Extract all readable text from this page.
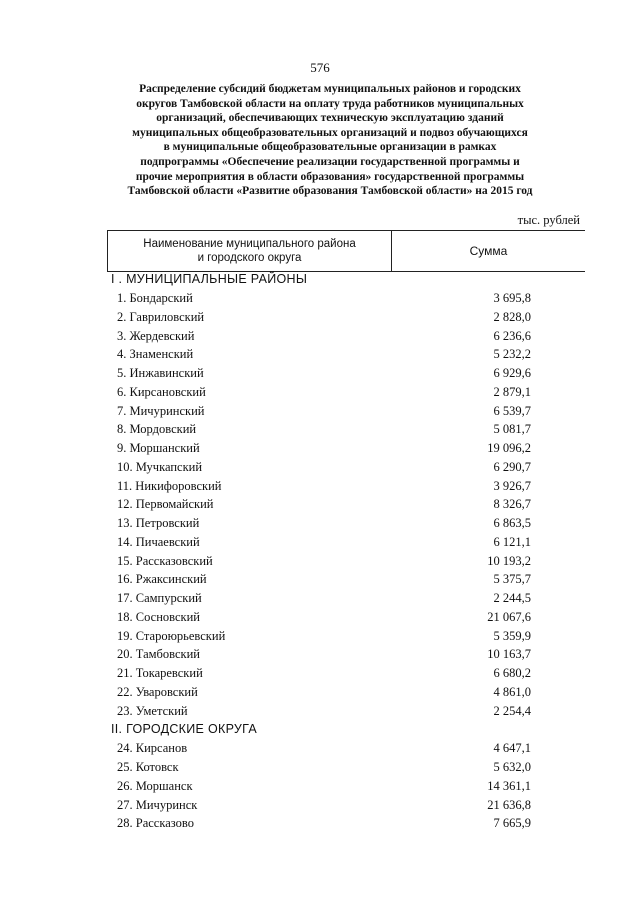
576
Распределение субсидий бюджетам муниципальных районов и городских
округов Тамбовской области на оплату труда работников муниципальных
организаций, обеспечивающих техническую эксплуатацию зданий
муниципальных общеобразовательных организаций и подвоз обучающихся
в муниципальные общеобразовательные организации в рамках
подпрограммы «Обеспечение реализации государственной программы и
прочие мероприятия в области образования» государственной программы
Тамбовской области «Развитие образования Тамбовской области» на 2015 год
тыс. рублей
Наименование муниципального района
и городского округа	Сумма
I . МУНИЦИПАЛЬНЫЕ РАЙОНЫ
1. Бондарский	3 695,8
2. Гавриловский	2 828,0
3. Жердевский	6 236,6
4. Знаменский	5 232,2
5. Инжавинский	6 929,6
6. Кирсановский	2 879,1
7. Мичуринский	6 539,7
8. Мордовский	5 081,7
9. Моршанский	19 096,2
10. Мучкапский	6 290,7
11. Никифоровский	3 926,7
12. Первомайский	8 326,7
13. Петровский	6 863,5
14. Пичаевский	6 121,1
15. Рассказовский	10 193,2
16. Ржаксинский	5 375,7
17. Сампурский	2 244,5
18. Сосновский	21 067,6
19. Староюрьевский	5 359,9
20. Тамбовский	10 163,7
21. Токаревский	6 680,2
22. Уваровский	4 861,0
23. Уметский	2 254,4
II. ГОРОДСКИЕ ОКРУГА
24. Кирсанов	4 647,1
25. Котовск	5 632,0
26. Моршанск	14 361,1
27. Мичуринск	21 636,8
28. Рассказово	7 665,9
